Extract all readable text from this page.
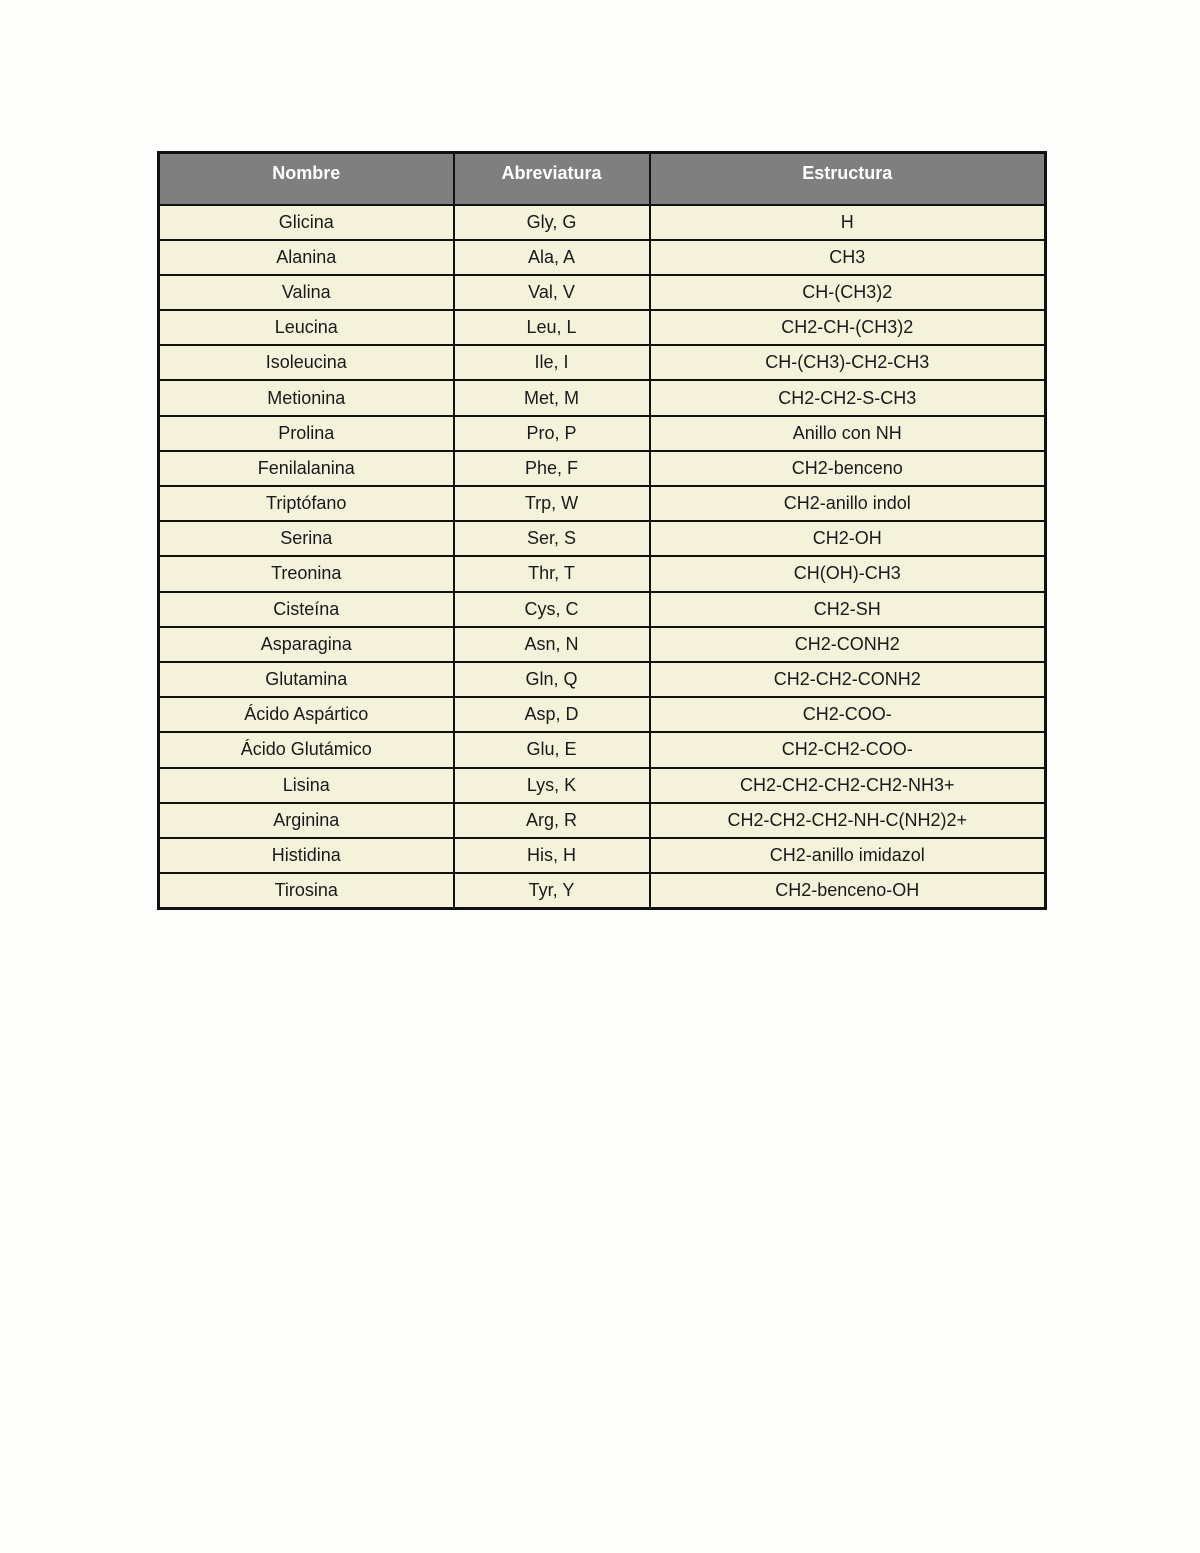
Nombre	Abreviatura	Estructura
Glicina	Gly, G	H
Alanina	Ala, A	CH3
Valina	Val, V	CH-(CH3)2
Leucina	Leu, L	CH2-CH-(CH3)2
Isoleucina	Ile, I	CH-(CH3)-CH2-CH3
Metionina	Met, M	CH2-CH2-S-CH3
Prolina	Pro, P	Anillo con NH
Fenilalanina	Phe, F	CH2-benceno
Triptófano	Trp, W	CH2-anillo indol
Serina	Ser, S	CH2-OH
Treonina	Thr, T	CH(OH)-CH3
Cisteína	Cys, C	CH2-SH
Asparagina	Asn, N	CH2-CONH2
Glutamina	Gln, Q	CH2-CH2-CONH2
Ácido Aspártico	Asp, D	CH2-COO-
Ácido Glutámico	Glu, E	CH2-CH2-COO-
Lisina	Lys, K	CH2-CH2-CH2-CH2-NH3+
Arginina	Arg, R	CH2-CH2-CH2-NH-C(NH2)2+
Histidina	His, H	CH2-anillo imidazol
Tirosina	Tyr, Y	CH2-benceno-OH
